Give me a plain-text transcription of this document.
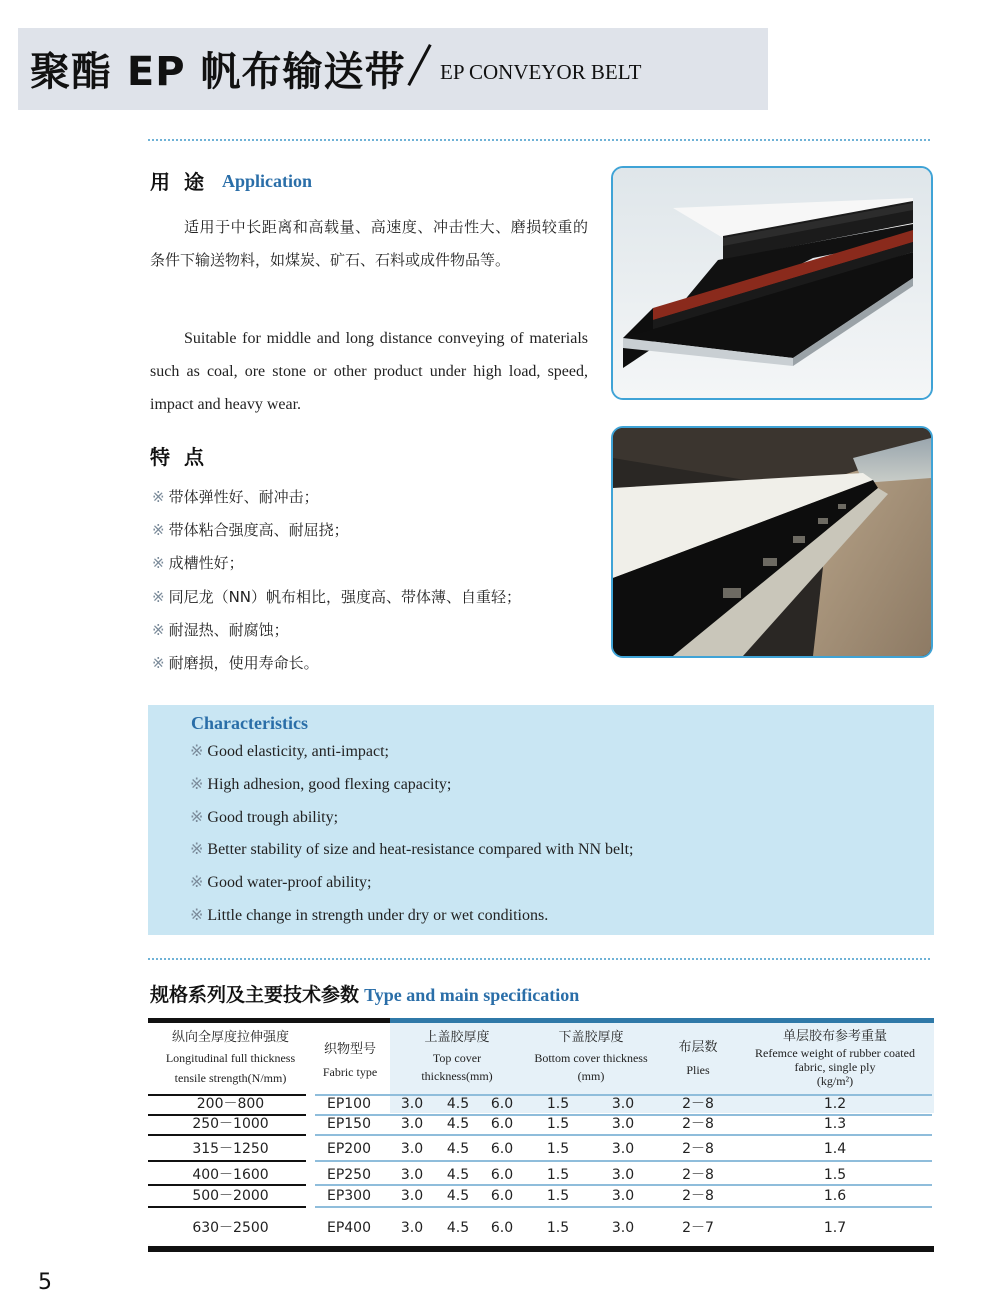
聚酯 EP 帆布输送带 EP CONVEYOR BELT
用途 Application

适用于中长距离和高载量、高速度、冲击性大、磨损较重的条件下输送物料，如煤炭、矿石、石料或成件物品等。

Suitable for middle and long distance conveying of materials such as coal, ore stone or other product under high load, speed, impact and heavy wear.

特点
※ 带体弹性好、耐冲击；
※ 带体粘合强度高、耐屈挠；
※ 成槽性好；
※ 同尼龙（NN）帆布相比，强度高、带体薄、自重轻；
※ 耐湿热、耐腐蚀；
※ 耐磨损，使用寿命长。
Characteristics
※ Good elasticity, anti-impact;
※ High adhesion, good flexing capacity;
※ Good trough ability;
※ Better stability of size and heat-resistance compared with NN belt;
※ Good water-proof ability;
※ Little change in strength under dry or wet conditions.
规格系列及主要技术参数 Type and main specification
纵向全厚度拉伸强度
Longitudinal full thickness
tensile strength(N/mm)
织物型号
Fabric type
上盖胶厚度
Top cover
thickness(mm)
下盖胶厚度
Bottom cover thickness
(mm)
布层数
Plies
单层胶布参考重量
Refemce weight of rubber coated
fabric, single ply
(kg/m²)
200－800	EP100	3.0	4.5	6.0	1.5	3.0	2－8	1.2
250－1000	EP150	3.0	4.5	6.0	1.5	3.0	2－8	1.3
315－1250	EP200	3.0	4.5	6.0	1.5	3.0	2－8	1.4
400－1600	EP250	3.0	4.5	6.0	1.5	3.0	2－8	1.5
500－2000	EP300	3.0	4.5	6.0	1.5	3.0	2－8	1.6
630－2500	EP400	3.0	4.5	6.0	1.5	3.0	2－7	1.7
5
